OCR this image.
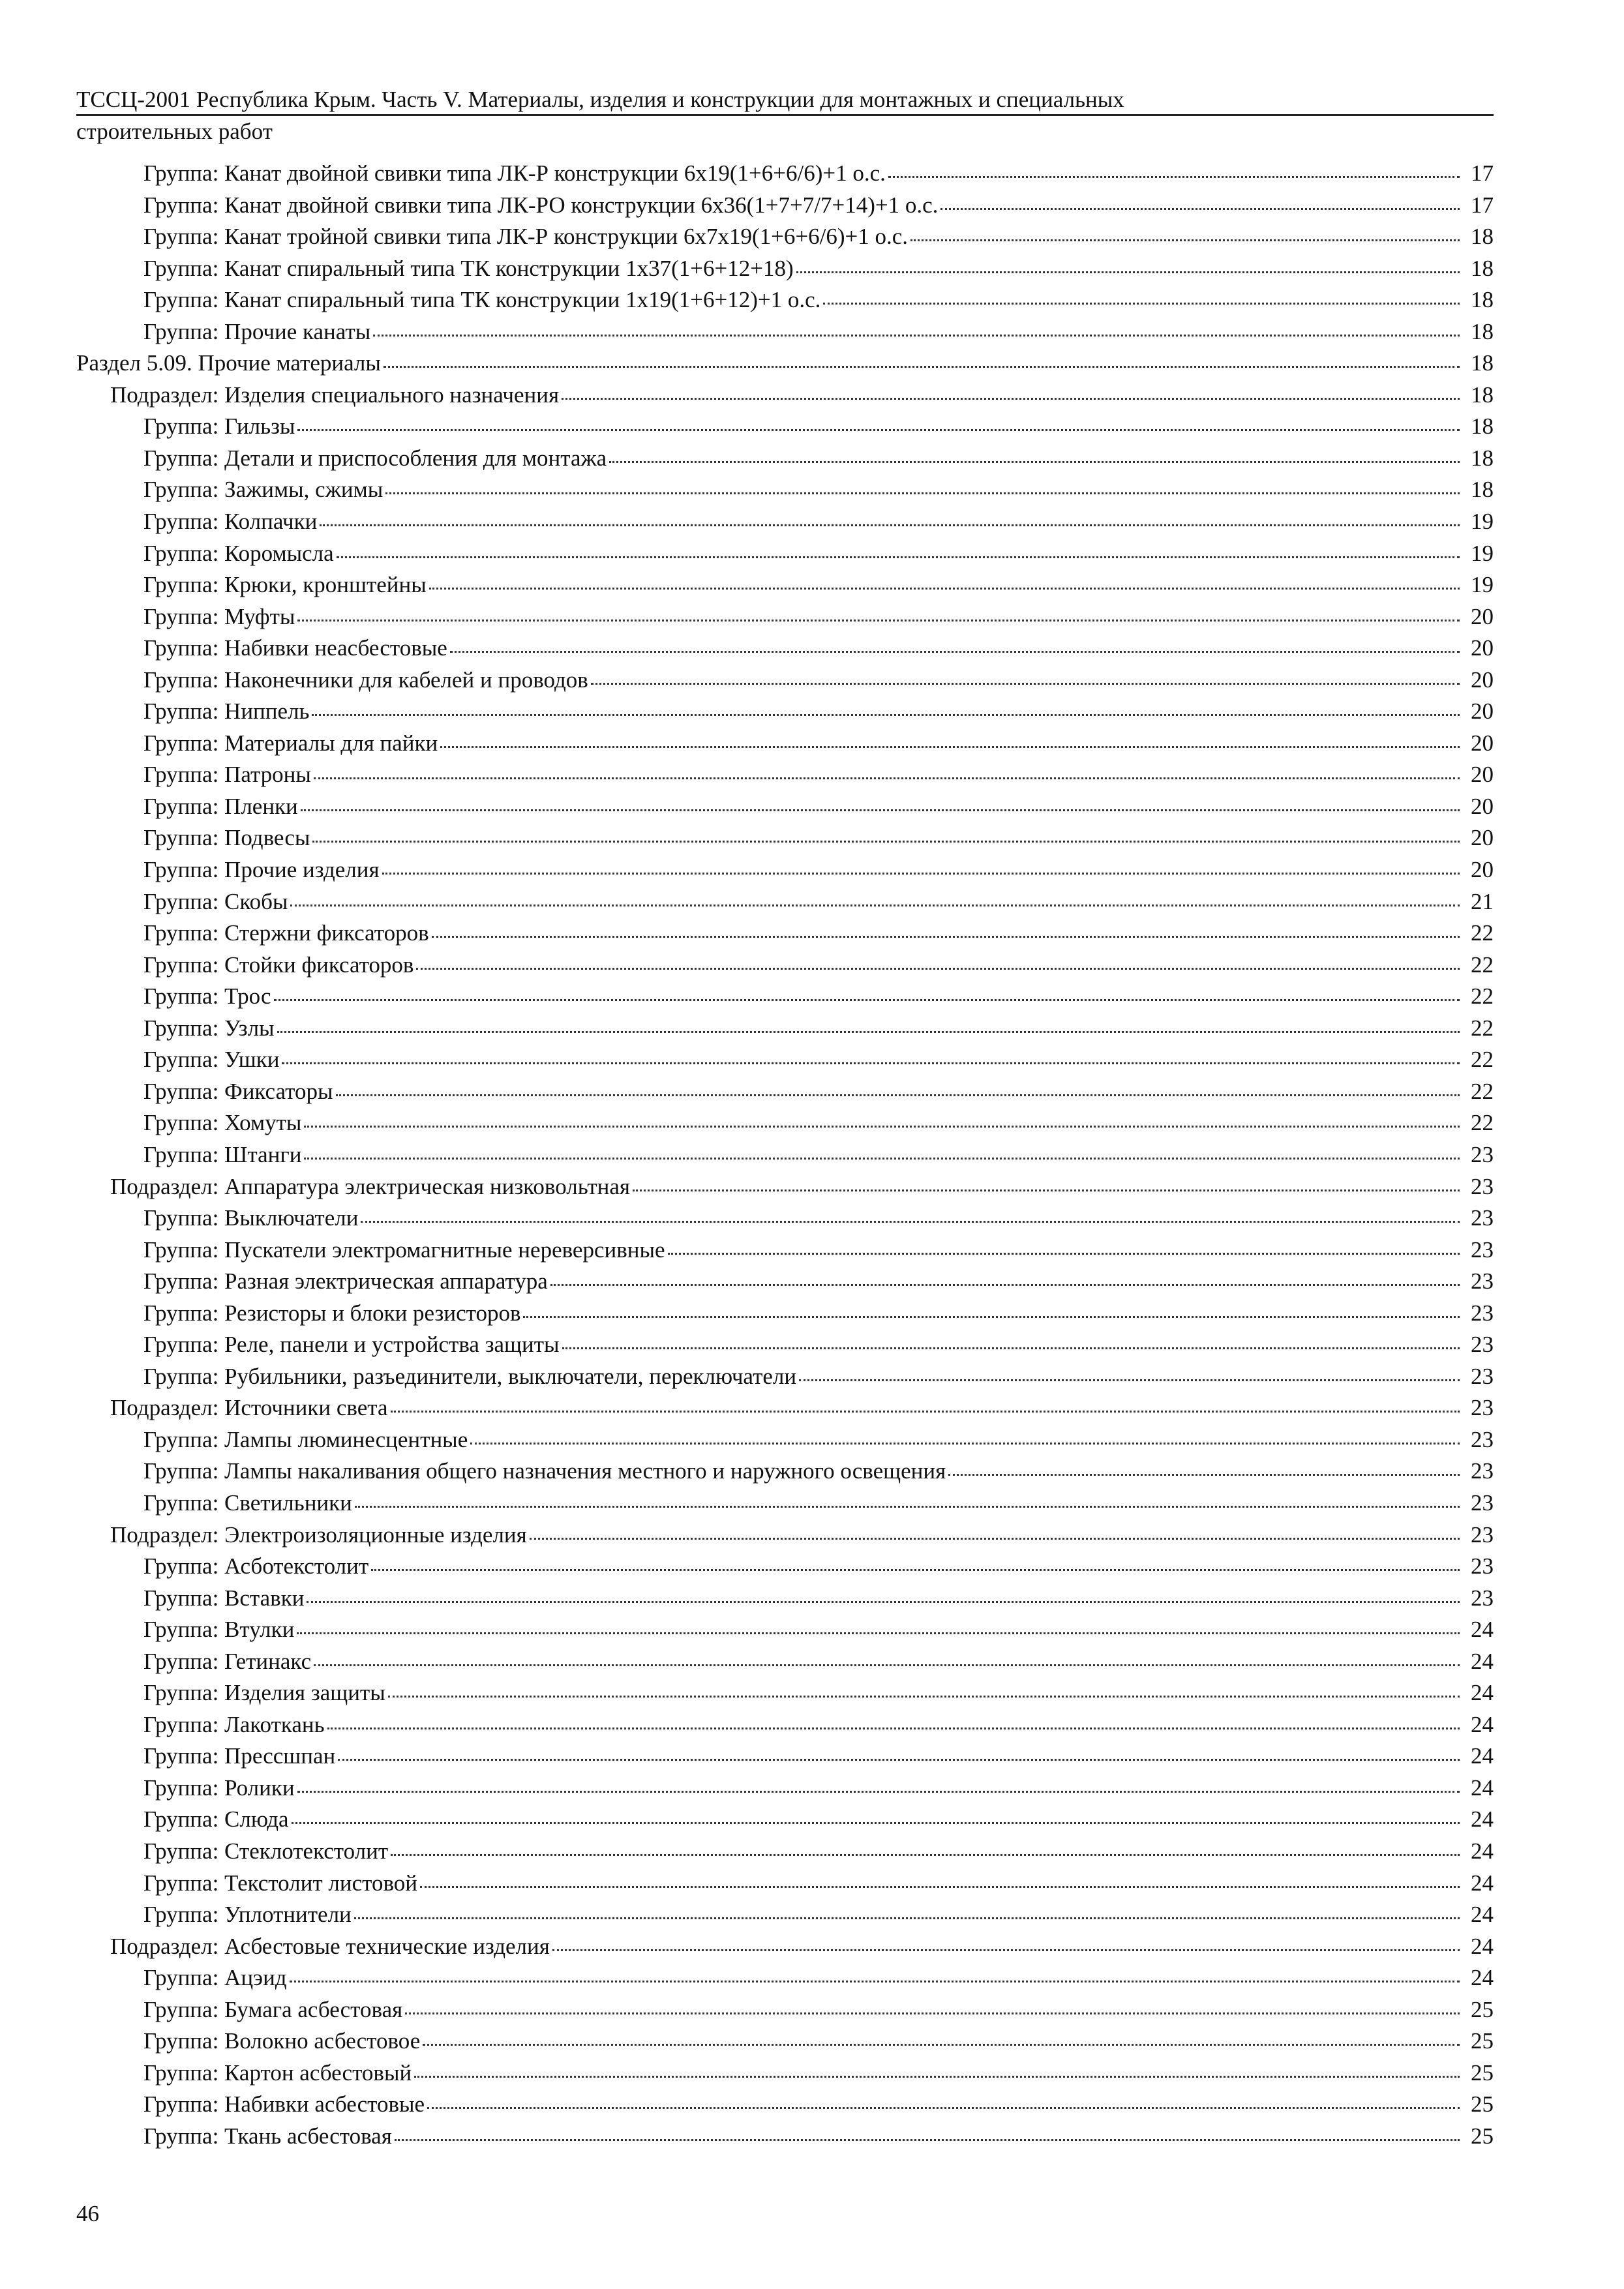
ТССЦ-2001 Республика Крым. Часть V. Материалы, изделия и конструкции для монтажных и специальных
строительных работ
Группа: Канат двойной свивки типа ЛК-Р конструкции 6х19(1+6+6/6)+1 о.с.	17
Группа: Канат двойной свивки типа ЛК-РО конструкции 6х36(1+7+7/7+14)+1 о.с.	17
Группа: Канат тройной свивки типа ЛК-Р конструкции 6х7х19(1+6+6/6)+1 о.с.	18
Группа: Канат спиральный типа ТК конструкции 1х37(1+6+12+18)	18
Группа: Канат спиральный типа ТК конструкции 1х19(1+6+12)+1 о.с.	18
Группа: Прочие канаты	18
Раздел 5.09. Прочие материалы	18
Подраздел: Изделия специального назначения	18
Группа: Гильзы	18
Группа: Детали и приспособления для монтажа	18
Группа: Зажимы, сжимы	18
Группа: Колпачки	19
Группа: Коромысла	19
Группа: Крюки, кронштейны	19
Группа: Муфты	20
Группа: Набивки неасбестовые	20
Группа: Наконечники для кабелей и проводов	20
Группа: Ниппель	20
Группа: Материалы для пайки	20
Группа: Патроны	20
Группа: Пленки	20
Группа: Подвесы	20
Группа: Прочие изделия	20
Группа: Скобы	21
Группа: Стержни фиксаторов	22
Группа: Стойки фиксаторов	22
Группа: Трос	22
Группа: Узлы	22
Группа: Ушки	22
Группа: Фиксаторы	22
Группа: Хомуты	22
Группа: Штанги	23
Подраздел: Аппаратура электрическая низковольтная	23
Группа: Выключатели	23
Группа: Пускатели электромагнитные нереверсивные	23
Группа: Разная электрическая аппаратура	23
Группа: Резисторы и блоки резисторов	23
Группа: Реле, панели и устройства защиты	23
Группа: Рубильники, разъединители, выключатели, переключатели	23
Подраздел: Источники света	23
Группа: Лампы люминесцентные	23
Группа: Лампы накаливания общего назначения местного и наружного освещения	23
Группа: Светильники	23
Подраздел: Электроизоляционные изделия	23
Группа: Асботекстолит	23
Группа: Вставки	23
Группа: Втулки	24
Группа: Гетинакс	24
Группа: Изделия защиты	24
Группа: Лакоткань	24
Группа: Прессшпан	24
Группа: Ролики	24
Группа: Слюда	24
Группа: Стеклотекстолит	24
Группа: Текстолит листовой	24
Группа: Уплотнители	24
Подраздел: Асбестовые технические изделия	24
Группа: Ацэид	24
Группа: Бумага асбестовая	25
Группа: Волокно асбестовое	25
Группа: Картон асбестовый	25
Группа: Набивки асбестовые	25
Группа: Ткань асбестовая	25
46
